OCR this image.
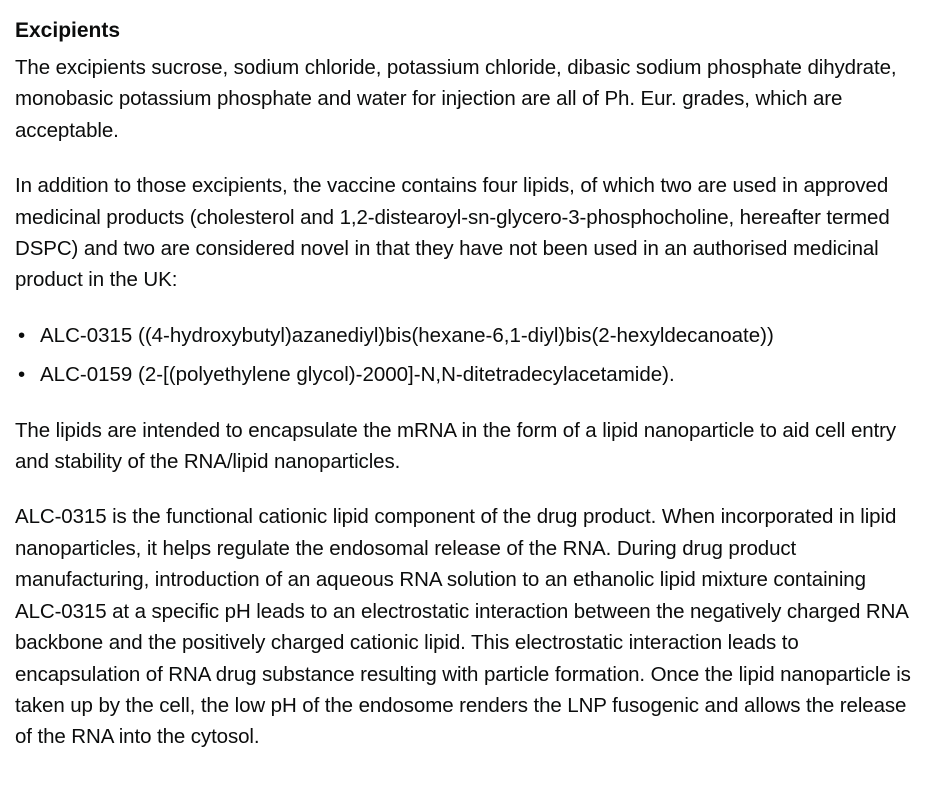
Excipients

The excipients sucrose, sodium chloride, potassium chloride, dibasic sodium phosphate dihydrate, monobasic potassium phosphate and water for injection are all of Ph. Eur. grades, which are acceptable.

In addition to those excipients, the vaccine contains four lipids, of which two are used in approved medicinal products (cholesterol and 1,2-distearoyl-sn-glycero-3-phosphocholine, hereafter termed DSPC) and two are considered novel in that they have not been used in an authorised medicinal product in the UK:

• ALC-0315 ((4-hydroxybutyl)azanediyl)bis(hexane-6,1-diyl)bis(2-hexyldecanoate))
• ALC-0159 (2-[(polyethylene glycol)-2000]-N,N-ditetradecylacetamide).

The lipids are intended to encapsulate the mRNA in the form of a lipid nanoparticle to aid cell entry and stability of the RNA/lipid nanoparticles.

ALC-0315 is the functional cationic lipid component of the drug product. When incorporated in lipid nanoparticles, it helps regulate the endosomal release of the RNA. During drug product manufacturing, introduction of an aqueous RNA solution to an ethanolic lipid mixture containing ALC-0315 at a specific pH leads to an electrostatic interaction between the negatively charged RNA backbone and the positively charged cationic lipid. This electrostatic interaction leads to encapsulation of RNA drug substance resulting with particle formation. Once the lipid nanoparticle is taken up by the cell, the low pH of the endosome renders the LNP fusogenic and allows the release of the RNA into the cytosol.
